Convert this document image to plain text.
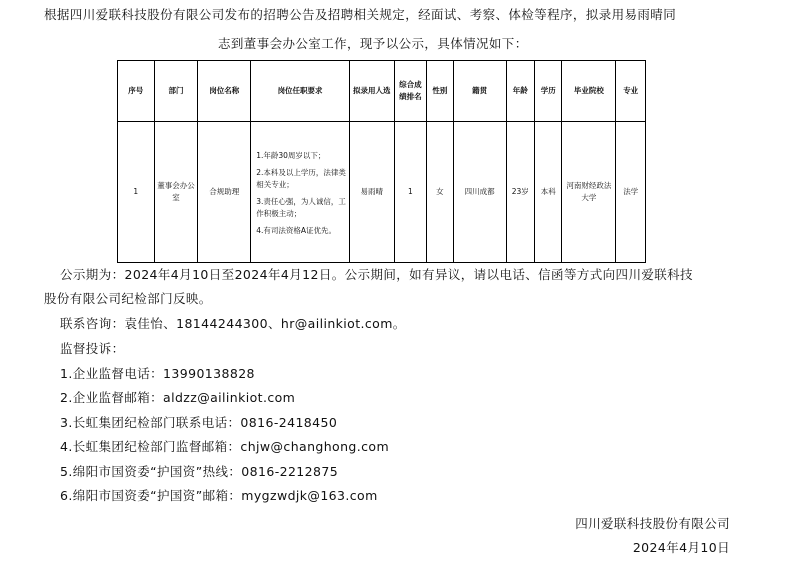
根据四川爱联科技股份有限公司发布的招聘公告及招聘相关规定，经面试、考察、体检等程序，拟录用易雨晴同
志到董事会办公室工作，现予以公示，具体情况如下：
序号	部门	岗位名称	岗位任职要求	拟录用人选	综合成绩排名	性别	籍贯	年龄	学历	毕业院校	专业
1	董事会办公室	合规助理	1.年龄30周岁以下；
2.本科及以上学历，法律类相关专业；
3.责任心强，为人诚信，工作积极主动；
4.有司法资格A证优先。	易雨晴	1	女	四川成都	23岁	本科	河南财经政法大学	法学
公示期为：2024年4月10日至2024年4月12日。公示期间，如有异议，请以电话、信函等方式向四川爱联科技
股份有限公司纪检部门反映。
联系咨询：袁佳怡、18144244300、hr@ailinkiot.com。
监督投诉：
1.企业监督电话：13990138828
2.企业监督邮箱：aldzz@ailinkiot.com
3.长虹集团纪检部门联系电话：0816-2418450
4.长虹集团纪检部门监督邮箱：chjw@changhong.com
5.绵阳市国资委“护国资”热线：0816-2212875
6.绵阳市国资委“护国资”邮箱：mygzwdjk@163.com
四川爱联科技股份有限公司
2024年4月10日
